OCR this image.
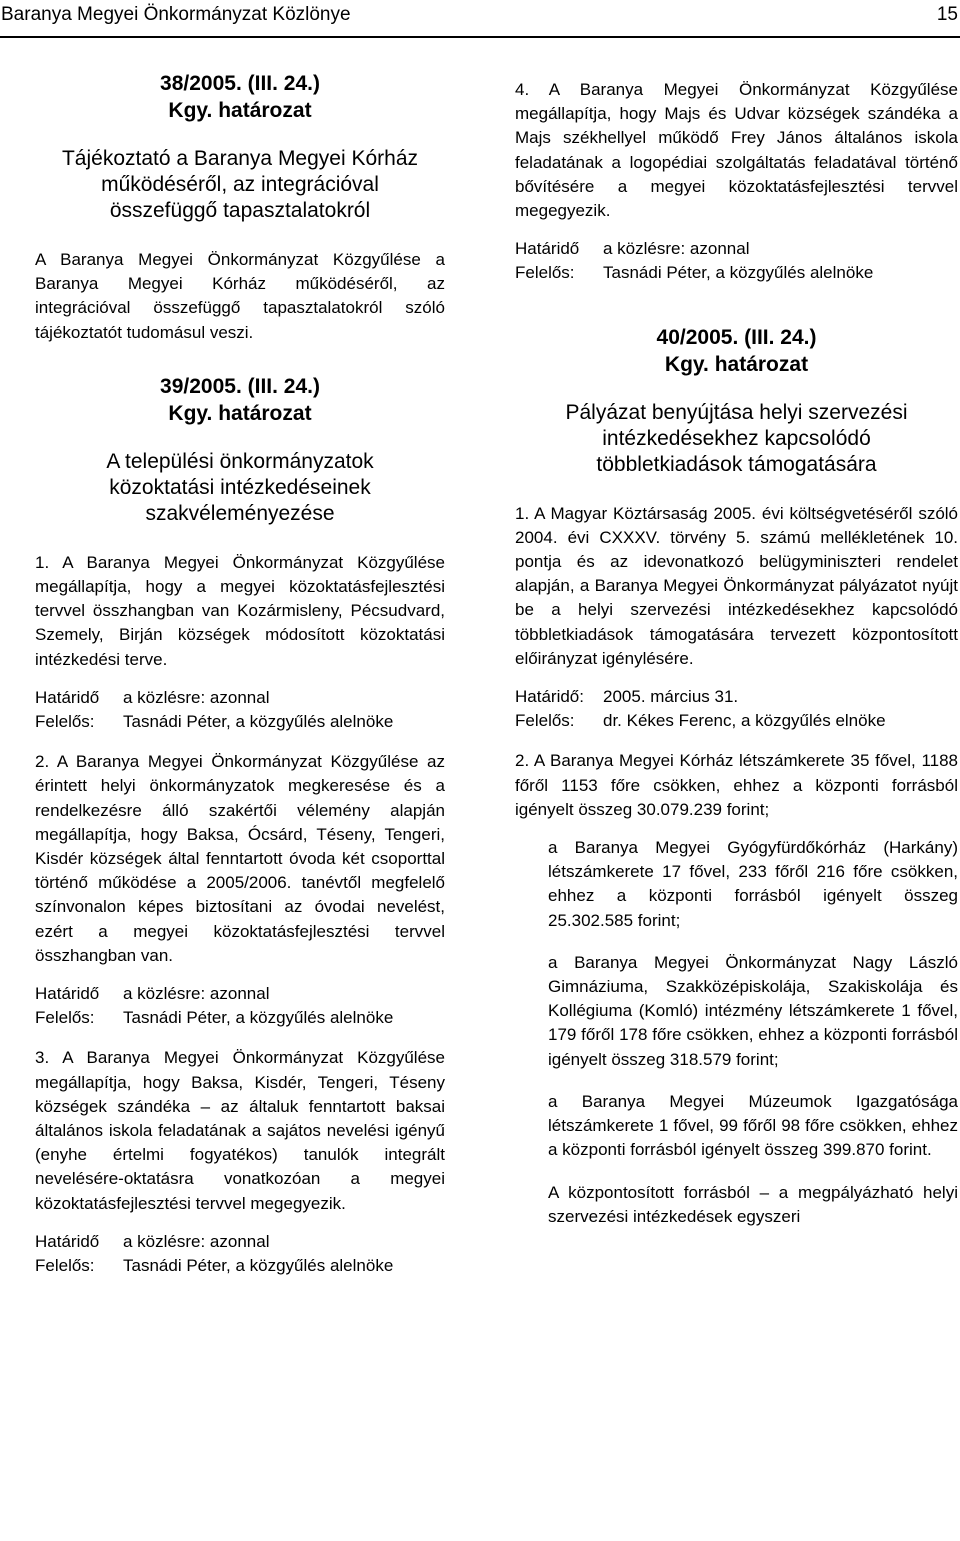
Baranya Megyei Önkormányzat Közlönye	15
38/2005. (III. 24.)
Kgy. határozat
Tájékoztató a Baranya Megyei Kórház
működéséről, az integrációval
összefüggő tapasztalatokról

A Baranya Megyei Önkormányzat Közgyűlése a Baranya Megyei Kórház működéséről, az integrációval összefüggő tapasztalatokról szóló tájékoztatót tudomásul veszi.

39/2005. (III. 24.)
Kgy. határozat
A települési önkormányzatok
közoktatási intézkedéseinek
szakvéleményezése

1. A Baranya Megyei Önkormányzat Közgyűlése megállapítja, hogy a megyei közoktatásfejlesztési tervvel összhangban van Kozármisleny, Pécsudvard, Szemely, Birján községek módosított közoktatási intézkedési terve.

Határidő	a közlésre: azonnal
Felelős:	Tasnádi Péter, a közgyűlés alelnöke

2. A Baranya Megyei Önkormányzat Közgyűlése az érintett helyi önkormányzatok megkeresése és a rendelkezésre álló szakértői vélemény alapján megállapítja, hogy Baksa, Ócsárd, Téseny, Tengeri, Kisdér községek által fenntartott óvoda két csoporttal történő működése a 2005/2006. tanévtől megfelelő színvonalon képes biztosítani az óvodai nevelést, ezért a megyei közoktatásfejlesztési tervvel összhangban van.

Határidő	a közlésre: azonnal
Felelős:	Tasnádi Péter, a közgyűlés alelnöke

3. A Baranya Megyei Önkormányzat Közgyűlése megállapítja, hogy Baksa, Kisdér, Tengeri, Téseny községek szándéka – az általuk fenntartott baksai általános iskola feladatának a sajátos nevelési igényű (enyhe értelmi fogyatékos) tanulók integrált nevelésére-oktatásra vonatkozóan a megyei közoktatásfejlesztési tervvel megegyezik.

Határidő	a közlésre: azonnal
Felelős:	Tasnádi Péter, a közgyűlés alelnöke

4. A Baranya Megyei Önkormányzat Közgyűlése megállapítja, hogy Majs és Udvar községek szándéka a Majs székhellyel működő Frey János általános iskola feladatának a logopédiai szolgáltatás feladatával történő bővítésére a megyei közoktatásfejlesztési tervvel megegyezik.

Határidő	a közlésre: azonnal
Felelős:	Tasnádi Péter, a közgyűlés alelnöke
40/2005. (III. 24.)
Kgy. határozat
Pályázat benyújtása helyi szervezési
intézkedésekhez kapcsolódó
többletkiadások támogatására

1. A Magyar Köztársaság 2005. évi költségvetéséről szóló 2004. évi CXXXV. törvény 5. számú mellékletének 10. pontja és az idevonatkozó belügyminiszteri rendelet alapján, a Baranya Megyei Önkormányzat pályázatot nyújt be a helyi szervezési intézkedésekhez kapcsolódó többletkiadások támogatására tervezett központosított előirányzat igénylésére.

Határidő:	2005. március 31.
Felelős:	dr. Kékes Ferenc, a közgyűlés elnöke

2. A Baranya Megyei Kórház létszámkerete 35 fővel, 1188 főről 1153 főre csökken, ehhez a központi forrásból igényelt összeg 30.079.239 forint;

a Baranya Megyei Gyógyfürdőkórház (Harkány) létszámkerete 17 fővel, 233 főről 216 főre csökken, ehhez a központi forrásból igényelt összeg 25.302.585 forint;

a Baranya Megyei Önkormányzat Nagy László Gimnáziuma, Szakközépiskolája, Szakiskolája és Kollégiuma (Komló) intézmény létszámkerete 1 fővel, 179 főről 178 főre csökken, ehhez a központi forrásból igényelt összeg 318.579 forint;

a Baranya Megyei Múzeumok Igazgatósága létszámkerete 1 fővel, 99 főről 98 főre csökken, ehhez a központi forrásból igényelt összeg 399.870 forint.

A központosított forrásból – a megpályázható helyi szervezési intézkedések egyszeri
